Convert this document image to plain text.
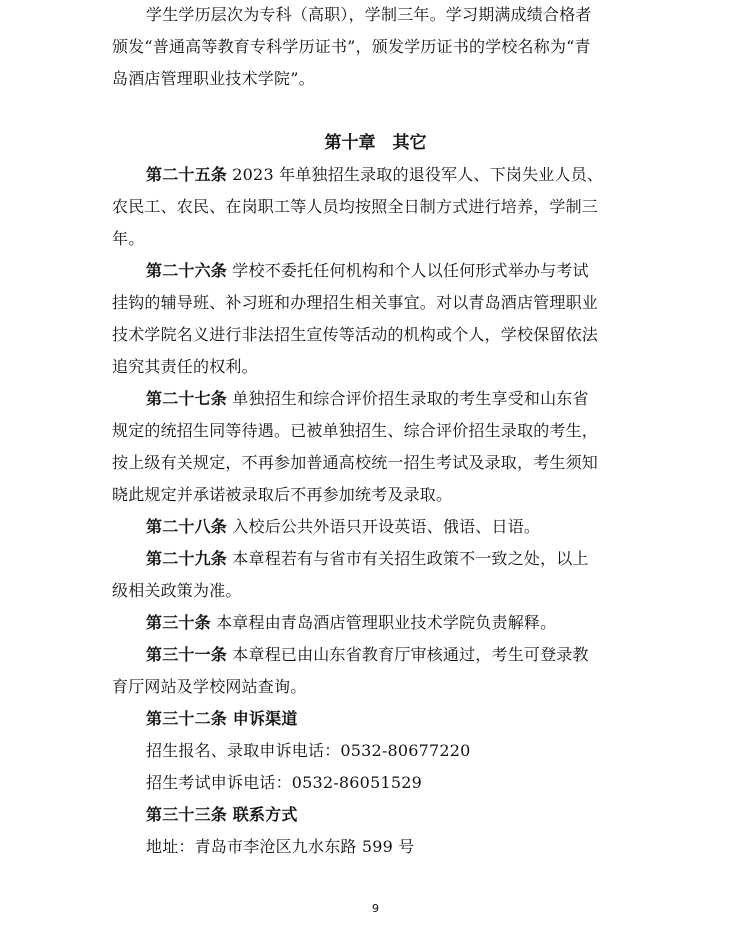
学生学历层次为专科（高职），学制三年。学习期满成绩合格者
颁发“普通高等教育专科学历证书”，颁发学历证书的学校名称为“青
岛酒店管理职业技术学院”。
第十章　其它
第二十五条 2023 年单独招生录取的退役军人、下岗失业人员、
农民工、农民、在岗职工等人员均按照全日制方式进行培养，学制三
年。
第二十六条 学校不委托任何机构和个人以任何形式举办与考试
挂钩的辅导班、补习班和办理招生相关事宜。对以青岛酒店管理职业
技术学院名义进行非法招生宣传等活动的机构或个人，学校保留依法
追究其责任的权利。
第二十七条 单独招生和综合评价招生录取的考生享受和山东省
规定的统招生同等待遇。已被单独招生、综合评价招生录取的考生，
按上级有关规定，不再参加普通高校统一招生考试及录取，考生须知
晓此规定并承诺被录取后不再参加统考及录取。
第二十八条 入校后公共外语只开设英语、俄语、日语。
第二十九条 本章程若有与省市有关招生政策不一致之处，以上
级相关政策为准。
第三十条 本章程由青岛酒店管理职业技术学院负责解释。
第三十一条 本章程已由山东省教育厅审核通过，考生可登录教
育厅网站及学校网站查询。
第三十二条 申诉渠道
招生报名、录取申诉电话：0532-80677220
招生考试申诉电话：0532-86051529
第三十三条 联系方式
地址：青岛市李沧区九水东路 599 号
9
